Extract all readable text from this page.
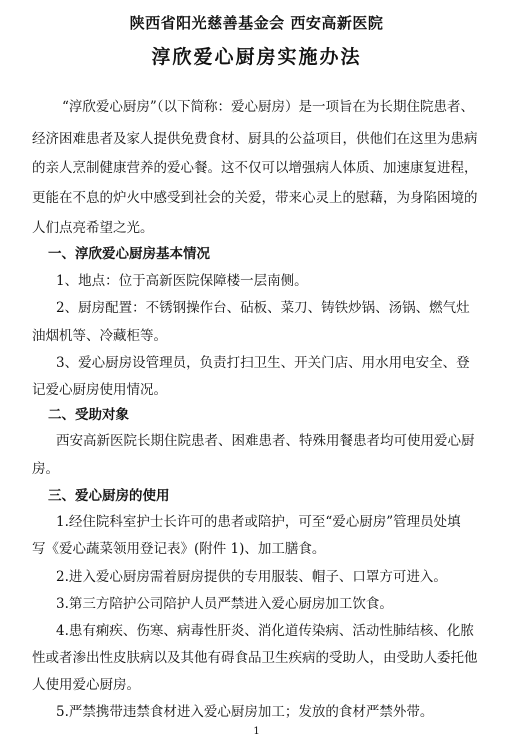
陕西省阳光慈善基金会 西安高新医院
淳欣爱心厨房实施办法
“淳欣爱心厨房”（以下简称：爱心厨房）是一项旨在为长期住院患者、
经济困难患者及家人提供免费食材、厨具的公益项目，供他们在这里为患病
的亲人烹制健康营养的爱心餐。这不仅可以增强病人体质、加速康复进程，
更能在不息的炉火中感受到社会的关爱，带来心灵上的慰藉，为身陷困境的
人们点亮希望之光。
一、淳欣爱心厨房基本情况
1、地点：位于高新医院保障楼一层南侧。
2、厨房配置：不锈钢操作台、砧板、菜刀、铸铁炒锅、汤锅、燃气灶
油烟机等、冷藏柜等。
3、爱心厨房设管理员，负责打扫卫生、开关门店、用水用电安全、登
记爱心厨房使用情况。
二、受助对象
西安高新医院长期住院患者、困难患者、特殊用餐患者均可使用爱心厨
房。
三、爱心厨房的使用
1.经住院科室护士长许可的患者或陪护，可至“爱心厨房”管理员处填
写《爱心蔬菜领用登记表》(附件 1)、加工膳食。
2.进入爱心厨房需着厨房提供的专用服装、帽子、口罩方可进入。
3.第三方陪护公司陪护人员严禁进入爱心厨房加工饮食。
4.患有痢疾、伤寒、病毒性肝炎、消化道传染病、活动性肺结核、化脓
性或者渗出性皮肤病以及其他有碍食品卫生疾病的受助人，由受助人委托他
人使用爱心厨房。
5.严禁携带违禁食材进入爱心厨房加工；发放的食材严禁外带。
1
